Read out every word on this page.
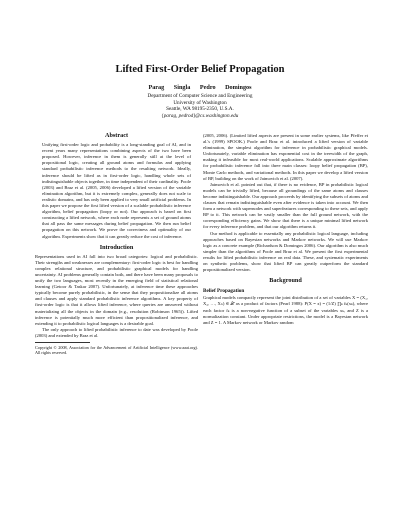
Lifted First-Order Belief Propagation
Parag Singla Pedro Domingos
Department of Computer Science and Engineering
University of Washington
Seattle, WA 98195-2350, U.S.A.
{parag, pedrod}@cs.washington.edu
Abstract

Unifying first-order logic and probability is a long-standing goal of AI, and in recent years many representations combining aspects of the two have been proposed. However, inference in them is generally still at the level of propositional logic, creating all ground atoms and formulas and applying standard probabilistic inference methods to the resulting network. Ideally, inference should be lifted as in first-order logic, handling whole sets of indistinguishable objects together, in time independent of their cardinality. Poole (2003) and Braz et al. (2005, 2006) developed a lifted version of the variable elimination algorithm, but it is extremely complex, generally does not scale to realistic domains, and has only been applied to very small artificial problems. In this paper we propose the first lifted version of a scalable probabilistic inference algorithm, belief propagation (loopy or not). Our approach is based on first constructing a lifted network, where each node represents a set of ground atoms that all pass the same messages during belief propagation. We then run belief propagation on this network. We prove the correctness and optimality of our algorithm. Experiments show that it can greatly reduce the cost of inference.

Introduction

Representations used in AI fall into two broad categories: logical and probabilistic. Their strengths and weaknesses are complementary: first-order logic is best for handling complex relational structure, and probabilistic graphical models for handling uncertainty. AI problems generally contain both, and there have been many proposals to unify the two languages, most recently in the emerging field of statistical relational learning (Getoor & Taskar 2007). Unfortunately, at inference time these approaches typically become purely probabilistic, in the sense that they propositionalize all atoms and clauses and apply standard probabilistic inference algorithms. A key property of first-order logic is that it allows lifted inference, where queries are answered without materializing all the objects in the domain (e.g., resolution (Robinson 1965)). Lifted inference is potentially much more efficient than propositionalized inference, and extending it to probabilistic logical languages is a desirable goal.

The only approach to lifted probabilistic inference to date was developed by Poole (2003) and extended by Braz et al.

Copyright © 2008, Association for the Advancement of Artificial Intelligence (www.aaai.org). All rights reserved.

(2005, 2006). (Limited lifted aspects are present in some earlier systems, like Pfeffer et al.'s (1999) SPOOK.) Poole and Braz et al. introduced a lifted version of variable elimination, the simplest algorithm for inference in probabilistic graphical models. Unfortunately, variable elimination has exponential cost in the treewidth of the graph, making it infeasible for most real-world applications. Scalable approximate algorithms for probabilistic inference fall into three main classes: loopy belief propagation (BP), Monte Carlo methods, and variational methods. In this paper we develop a lifted version of BP, building on the work of Jaimovich et al. (2007).

Jaimovich et al. pointed out that, if there is no evidence, BP in probabilistic logical models can be trivially lifted, because all groundings of the same atoms and clauses become indistinguishable. Our approach proceeds by identifying the subsets of atoms and clauses that remain indistinguishable even after evidence is taken into account. We then form a network with supernodes and superfeatures corresponding to these sets, and apply BP to it. This network can be vastly smaller than the full ground network, with the corresponding efficiency gains. We show that there is a unique minimal lifted network for every inference problem, and that our algorithm returns it.

Our method is applicable to essentially any probabilistic logical language, including approaches based on Bayesian networks and Markov networks. We will use Markov logic as a concrete example (Richardson & Domingos 2006). Our algorithm is also much simpler than the algorithms of Poole and Braz et al. We present the first experimental results for lifted probabilistic inference on real data. These, and systematic experiments on synthetic problems, show that lifted BP can greatly outperform the standard propositionalized version.

Background
Belief Propagation

Graphical models compactly represent the joint distribution of a set of variables X = (X₁, X₂, …, Xₙ) ∈ 𝒳 as a product of factors (Pearl 1988): P(X = x) = (1/Z) ∏ₖ fₖ(xₖ), where each factor fₖ is a non-negative function of a subset of the variables xₖ, and Z is a normalization constant. Under appropriate restrictions, the model is a Bayesian network and Z = 1. A Markov network or Markov random
